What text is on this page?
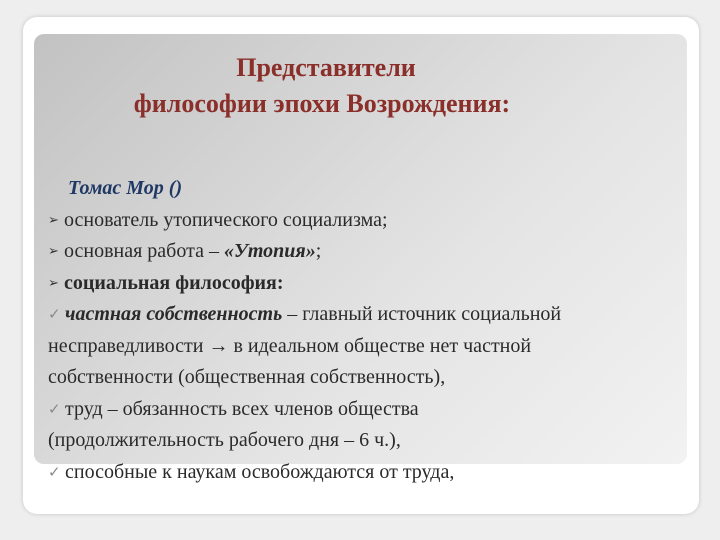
Представители
философии эпохи Возрождения:
Томас Мор ()
➢ основатель утопического социализма;
➢ основная работа – «Утопия»;
➢ социальная философия:
✓ частная собственность – главный источник социальной
несправедливости → в идеальном обществе нет частной
собственности (общественная собственность),
✓ труд – обязанность всех членов общества
(продолжительность рабочего дня – 6 ч.),
✓ способные к наукам освобождаются от труда,
